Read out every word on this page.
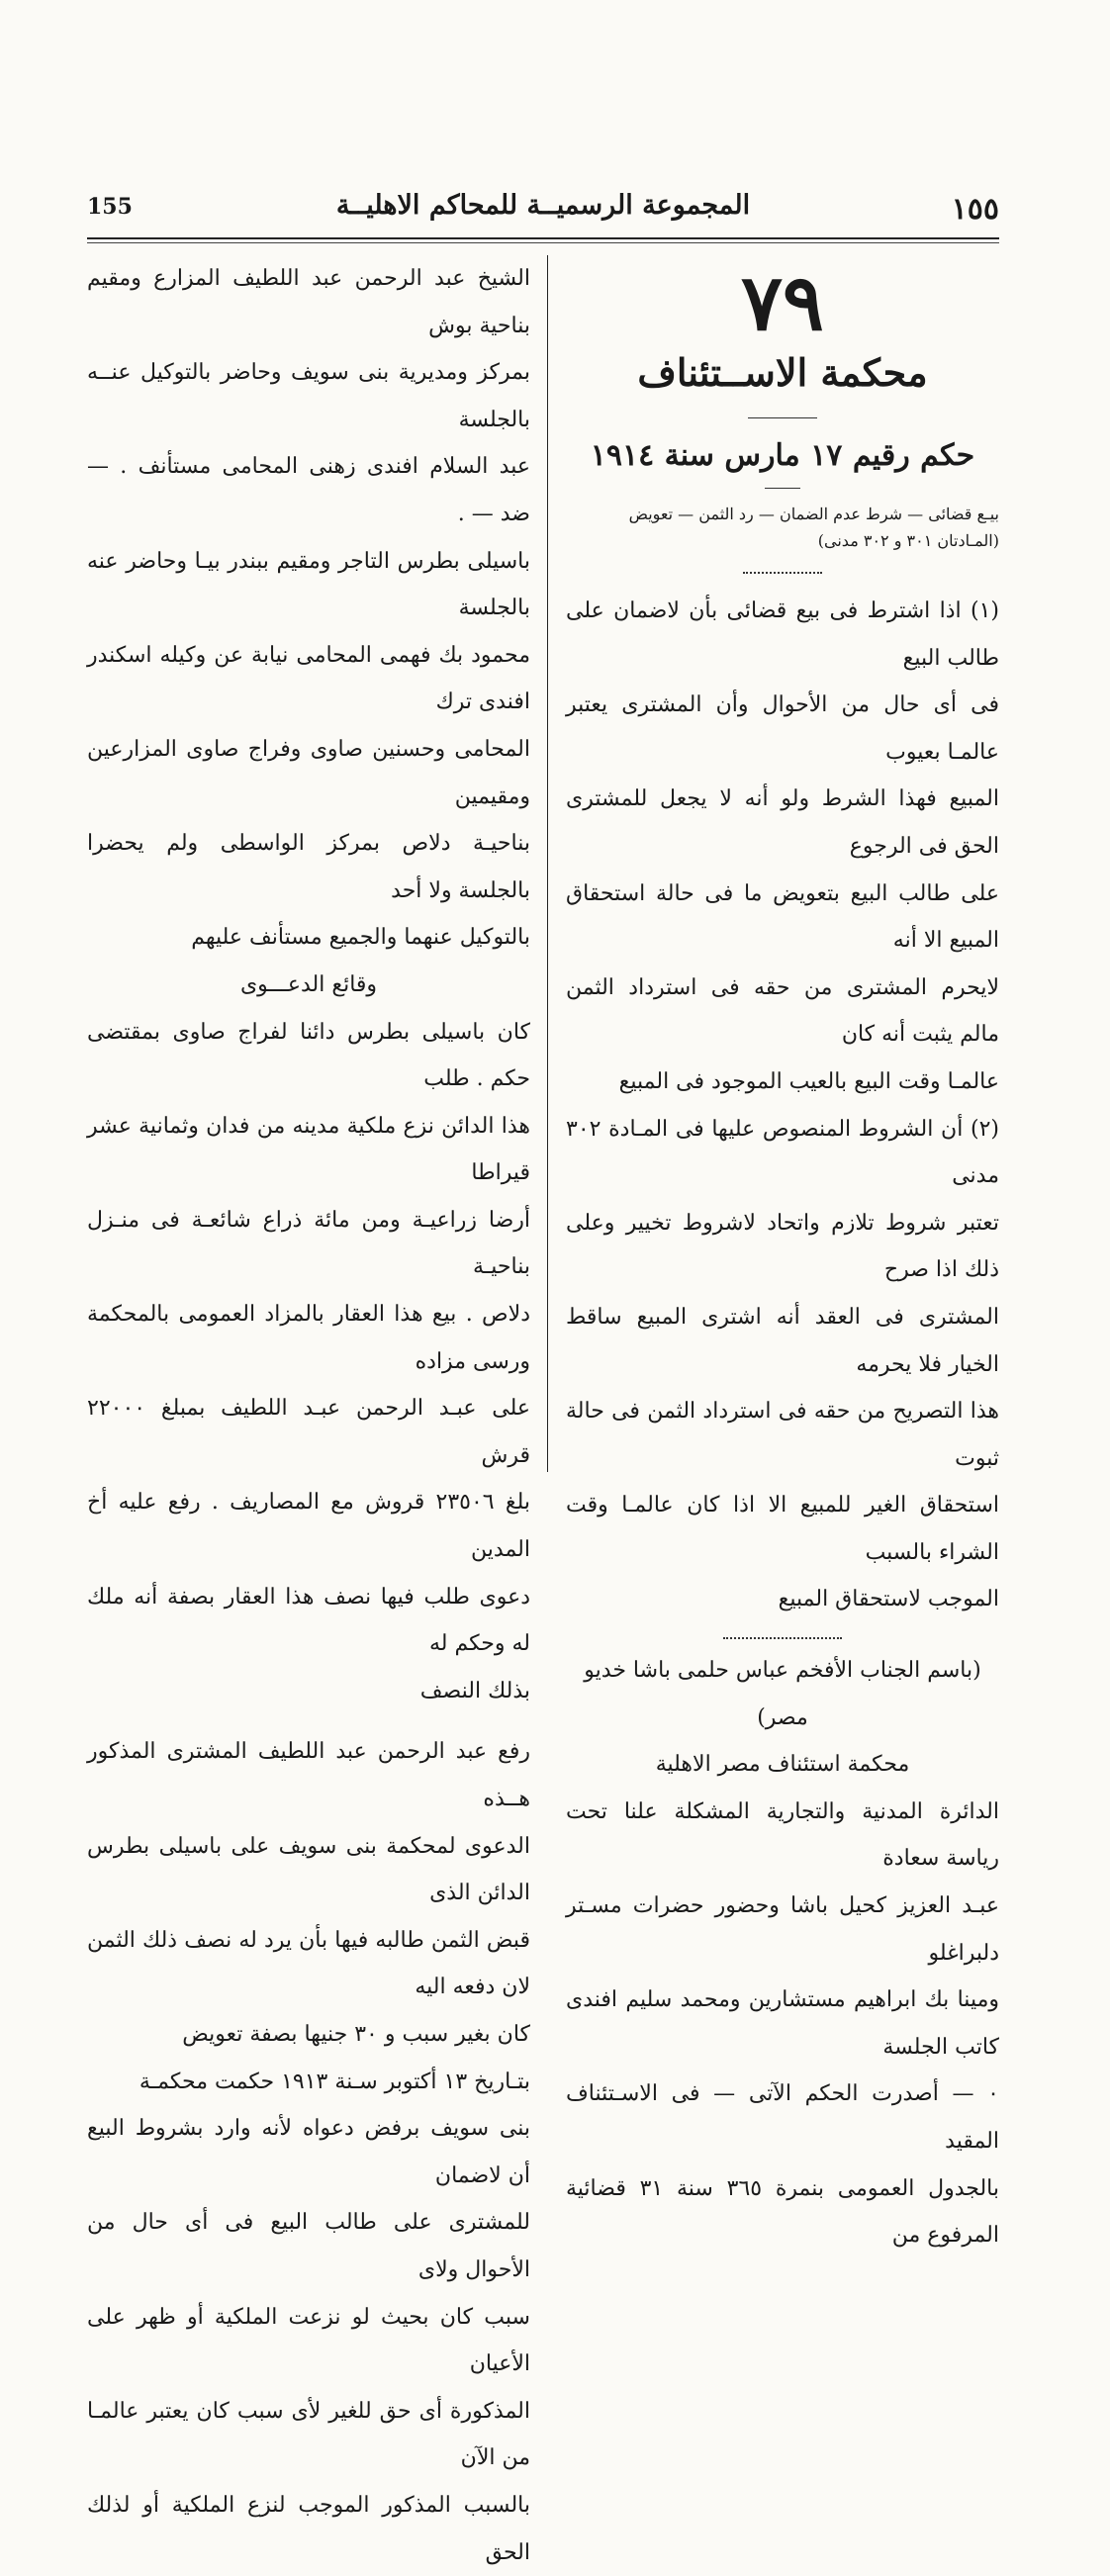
١٥٥
المجموعة الرسميــة للمحاكم الاهليــة
155
٧٩
محكمة الاســتئناف
حكم رقيم ١٧ مارس سنة ١٩١٤
بيـع قضائى — شرط عدم الضمان — رد الثمن — تعويض
(المـادتان ٣٠١ و ٣٠٢ مدنى)

(١) اذا اشترط فى بيع قضائى بأن لاضمان على طالب البيع

فى أى حال من الأحوال وأن المشترى يعتبر عالمـا بعيوب

المبيع فهذا الشرط ولو أنه لا يجعل للمشترى الحق فى الرجوع

على طالب البيع بتعويض ما فى حالة استحقاق المبيع الا أنه

لايحرم المشترى من حقه فى استرداد الثمن مالم يثبت أنه كان

عالمـا وقت البيع بالعيب الموجود فى المبيع

(٢) أن الشروط المنصوص عليها فى المـادة ٣٠٢ مدنى

تعتبر شروط تلازم واتحاد لاشروط تخيير وعلى ذلك اذا صرح

المشترى فى العقد أنه اشترى المبيع ساقط الخيار فلا يحرمه

هذا التصريح من حقه فى استرداد الثمن فى حالة ثبوت

استحقاق الغير للمبيع الا اذا كان عالمـا وقت الشراء بالسبب

الموجب لاستحقاق المبيع

(باسم الجناب الأفخم عباس حلمى باشا خديو مصر)

محكمة استئناف مصر الاهلية

الدائرة المدنية والتجارية المشكلة علنا تحت رياسة سعادة

عبـد العزيز كحيل باشا وحضور حضرات مسـتر دلبراغلو

ومينا بك ابراهيم مستشارين ومحمد سليم افندى كاتب الجلسة

٠ — أصدرت الحكم الآتى — فى الاسـتئناف المقيد

بالجدول العمومى بنمرة ٣٦٥ سنة ٣١ قضائية المرفوع من

الشيخ عبد الرحمن عبد اللطيف المزارع ومقيم بناحية بوش

بمركز ومديرية بنى سويف وحاضر بالتوكيل عنــه بالجلسة

عبد السلام افندى زهنى المحامى مستأنف . — ضد — .

باسيلى بطرس التاجر ومقيم ببندر بيـا وحاضر عنه بالجلسة

محمود بك فهمى المحامى نيابة عن وكيله اسكندر افندى ترك

المحامى وحسنين صاوى وفراج صاوى المزارعين ومقيمين

بناحيـة دلاص بمركز الواسطى ولم يحضرا بالجلسة ولا أحد

بالتوكيل عنهما والجميع مستأنف عليهم

وقائع الدعـــوى

كان باسيلى بطرس دائنا لفراج صاوى بمقتضى حكم . طلب

هذا الدائن نزع ملكية مدينه من فدان وثمانية عشر قيراطا

أرضا زراعيـة ومن مائة ذراع شائعـة فى منـزل بناحيـة

دلاص . بيع هذا العقار بالمزاد العمومى بالمحكمة ورسى مزاده

على عبـد الرحمن عبـد اللطيف بمبلغ ٢٢٠٠٠ قرش

بلغ ٢٣٥٠٦ قروش مع المصاريف . رفع عليه أخ المدين

دعوى طلب فيها نصف هذا العقار بصفة أنه ملك له وحكم له

بذلك النصف

رفع عبد الرحمن عبد اللطيف المشترى المذكور هــذه

الدعوى لمحكمة بنى سويف على باسيلى بطرس الدائن الذى

قبض الثمن طالبه فيها بأن يرد له نصف ذلك الثمن لان دفعه اليه

كان بغير سبب و ٣٠ جنيها بصفة تعويض

بتـاريخ ١٣ أكتوبر سـنة ١٩١٣ حكمت محكمـة

بنى سويف برفض دعواه لأنه وارد بشروط البيع أن لاضمان

للمشترى على طالب البيع فى أى حال من الأحوال ولاى

سبب كان بحيث لو نزعت الملكية أو ظهر على الأعيان

المذكورة أى حق للغير لأى سبب كان يعتبر عالمـا من الآن

بالسبب المذكور الموجب لنزع الملكية أو لذلك الحق
